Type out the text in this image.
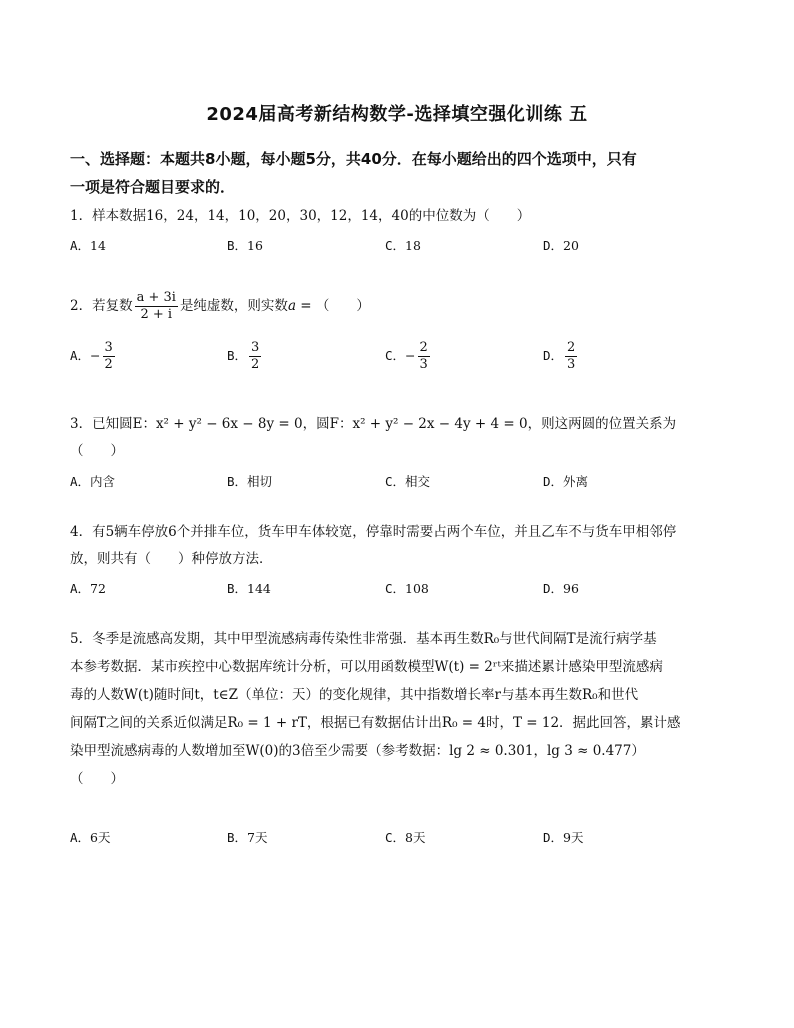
2024届高考新结构数学-选择填空强化训练 五
一、选择题：本题共8小题，每小题5分，共40分．在每小题给出的四个选项中，只有
一项是符合题目要求的．
1．样本数据16，24，14，10，20，30，12，14，40的中位数为（　　）
A．14	B．16	C．18	D．20
2．若复数 $\frac{a + 3i}{2 + i}$ 是纯虚数，则实数a = （　　）
A．− $\frac{3}{2}$	B． $\frac{3}{2}$	C．− $\frac{2}{3}$	D． $\frac{2}{3}$
3．已知圆E：x² + y² − 6x − 8y = 0，圆F：x² + y² − 2x − 4y + 4 = 0，则这两圆的位置关系为
（　　）
A．内含	B．相切	C．相交	D．外离
4．有5辆车停放6个并排车位，货车甲车体较宽，停靠时需要占两个车位，并且乙车不与货车甲相邻停
放，则共有（　　）种停放方法．
A．72	B．144	C．108	D．96
5．冬季是流感高发期，其中甲型流感病毒传染性非常强．基本再生数R₀与世代间隔T是流行病学基
本参考数据．某市疾控中心数据库统计分析，可以用函数模型W(t) = 2ʳᵗ来描述累计感染甲型流感病
毒的人数W(t)随时间t，t∈Z（单位：天）的变化规律，其中指数增长率r与基本再生数R₀和世代
间隔T之间的关系近似满足R₀ = 1 + rT，根据已有数据估计出R₀ = 4时，T = 12．据此回答，累计感
染甲型流感病毒的人数增加至W(0)的3倍至少需要（参考数据：lg 2 ≈ 0.301，lg 3 ≈ 0.477）
（　　）
A．6天	B．7天	C．8天	D．9天
